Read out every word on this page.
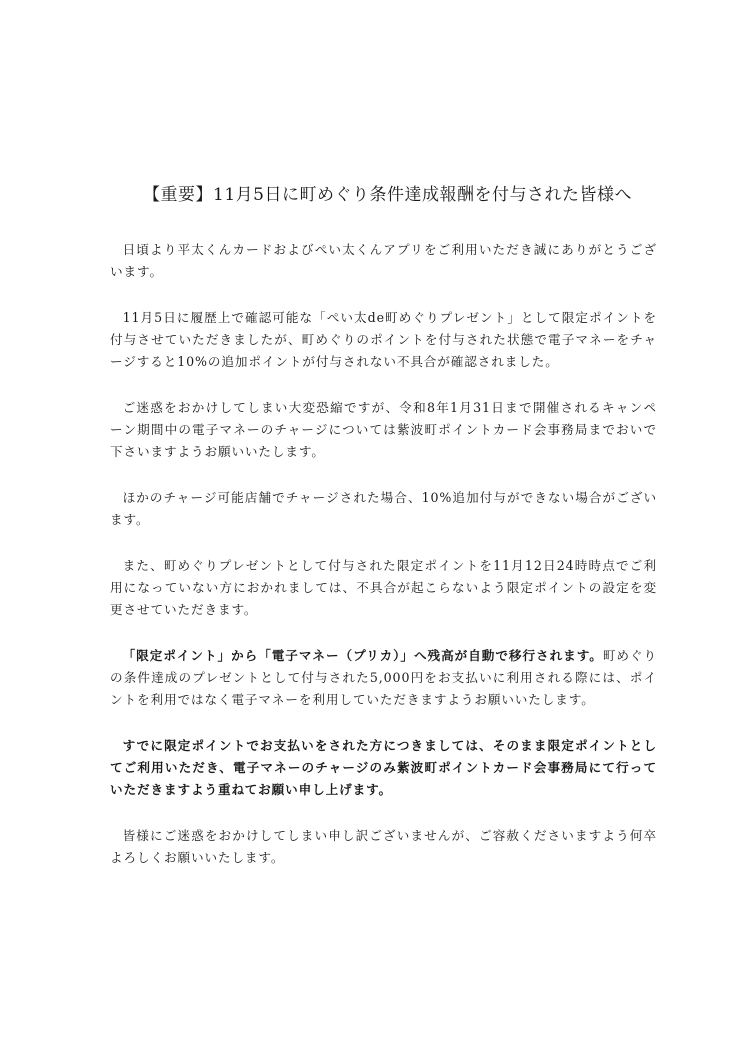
【重要】11月5日に町めぐり条件達成報酬を付与された皆様へ

日頃より平太くんカードおよびぺい太くんアプリをご利用いただき誠にありがとうございます。

11月5日に履歴上で確認可能な「ぺい太de町めぐりプレゼント」として限定ポイントを付与させていただきましたが、町めぐりのポイントを付与された状態で電子マネーをチャージすると10%の追加ポイントが付与されない不具合が確認されました。

ご迷惑をおかけしてしまい大変恐縮ですが、令和8年1月31日まで開催されるキャンペーン期間中の電子マネーのチャージについては紫波町ポイントカード会事務局までおいで下さいますようお願いいたします。

ほかのチャージ可能店舗でチャージされた場合、10%追加付与ができない場合がございます。

また、町めぐりプレゼントとして付与された限定ポイントを11月12日24時時点でご利用になっていない方におかれましては、不具合が起こらないよう限定ポイントの設定を変更させていただきます。

「限定ポイント」から「電子マネー（プリカ）」へ残高が自動で移行されます。町めぐりの条件達成のプレゼントとして付与された5,000円をお支払いに利用される際には、ポイントを利用ではなく電子マネーを利用していただきますようお願いいたします。

すでに限定ポイントでお支払いをされた方につきましては、そのまま限定ポイントとしてご利用いただき、電子マネーのチャージのみ紫波町ポイントカード会事務局にて行っていただきますよう重ねてお願い申し上げます。

皆様にご迷惑をおかけしてしまい申し訳ございませんが、ご容赦くださいますよう何卒よろしくお願いいたします。
